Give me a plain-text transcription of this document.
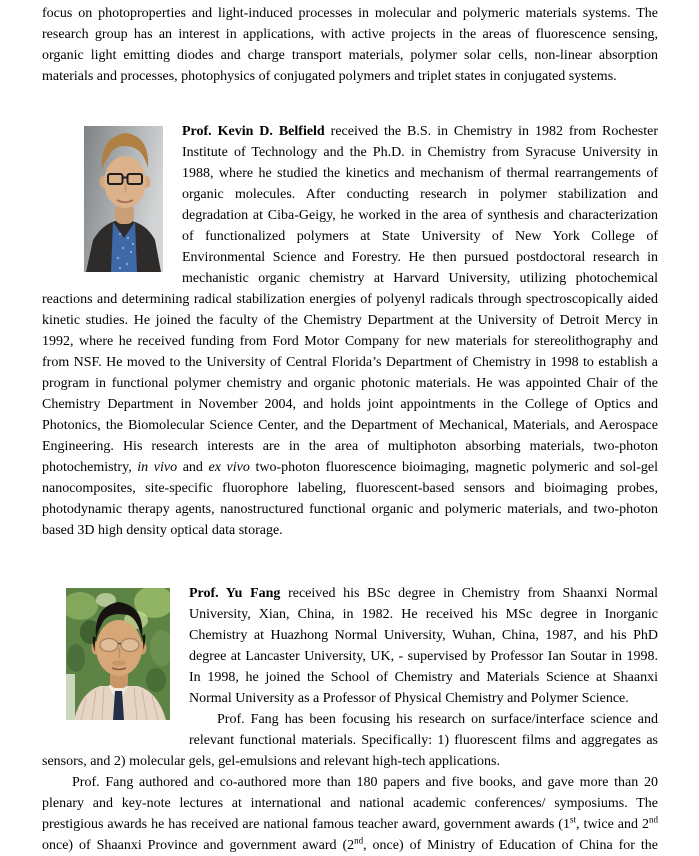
focus on photoproperties and light-induced processes in molecular and polymeric materials systems. The research group has an interest in applications, with active projects in the areas of fluorescence sensing, organic light emitting diodes and charge transport materials, polymer solar cells, non-linear absorption materials and processes, photophysics of conjugated polymers and triplet states in conjugated systems.

Prof. Kevin D. Belfield received the B.S. in Chemistry in 1982 from Rochester Institute of Technology and the Ph.D. in Chemistry from Syracuse University in 1988, where he studied the kinetics and mechanism of thermal rearrangements of organic molecules. After conducting research in polymer stabilization and degradation at Ciba-Geigy, he worked in the area of synthesis and characterization of functionalized polymers at State University of New York College of Environmental Science and Forestry. He then pursued postdoctoral research in mechanistic organic chemistry at Harvard University, utilizing photochemical reactions and determining radical stabilization energies of polyenyl radicals through spectroscopically aided kinetic studies. He joined the faculty of the Chemistry Department at the University of Detroit Mercy in 1992, where he received funding from Ford Motor Company for new materials for stereolithography and from NSF. He moved to the University of Central Florida’s Department of Chemistry in 1998 to establish a program in functional polymer chemistry and organic photonic materials. He was appointed Chair of the Chemistry Department in November 2004, and holds joint appointments in the College of Optics and Photonics, the Biomolecular Science Center, and the Department of Mechanical, Materials, and Aerospace Engineering. His research interests are in the area of multiphoton absorbing materials, two-photon photochemistry, in vivo and ex vivo two-photon fluorescence bioimaging, magnetic polymeric and sol-gel nanocomposites, site-specific fluorophore labeling, fluorescent-based sensors and bioimaging probes, photodynamic therapy agents, nanostructured functional organic and polymeric materials, and two-photon based 3D high density optical data storage.

Prof. Yu Fang received his BSc degree in Chemistry from Shaanxi Normal University, Xian, China, in 1982. He received his MSc degree in Inorganic Chemistry at Huazhong Normal University, Wuhan, China, 1987, and his PhD degree at Lancaster University, UK, - supervised by Professor Ian Soutar in 1998. In 1998, he joined the School of Chemistry and Materials Science at Shaanxi Normal University as a Professor of Physical Chemistry and Polymer Science.

Prof. Fang has been focusing his research on surface/interface science and relevant functional materials. Specifically: 1) fluorescent films and aggregates as sensors, and 2) molecular gels, gel-emulsions and relevant high-tech applications.

Prof. Fang authored and co-authored more than 180 papers and five books, and gave more than 20 plenary and key-note lectures at international and national academic conferences/ symposiums. The prestigious awards he has received are national famous teacher award, government awards (1st, twice and 2nd once) of Shaanxi Province and government award (2nd, once) of Ministry of Education of China for the
